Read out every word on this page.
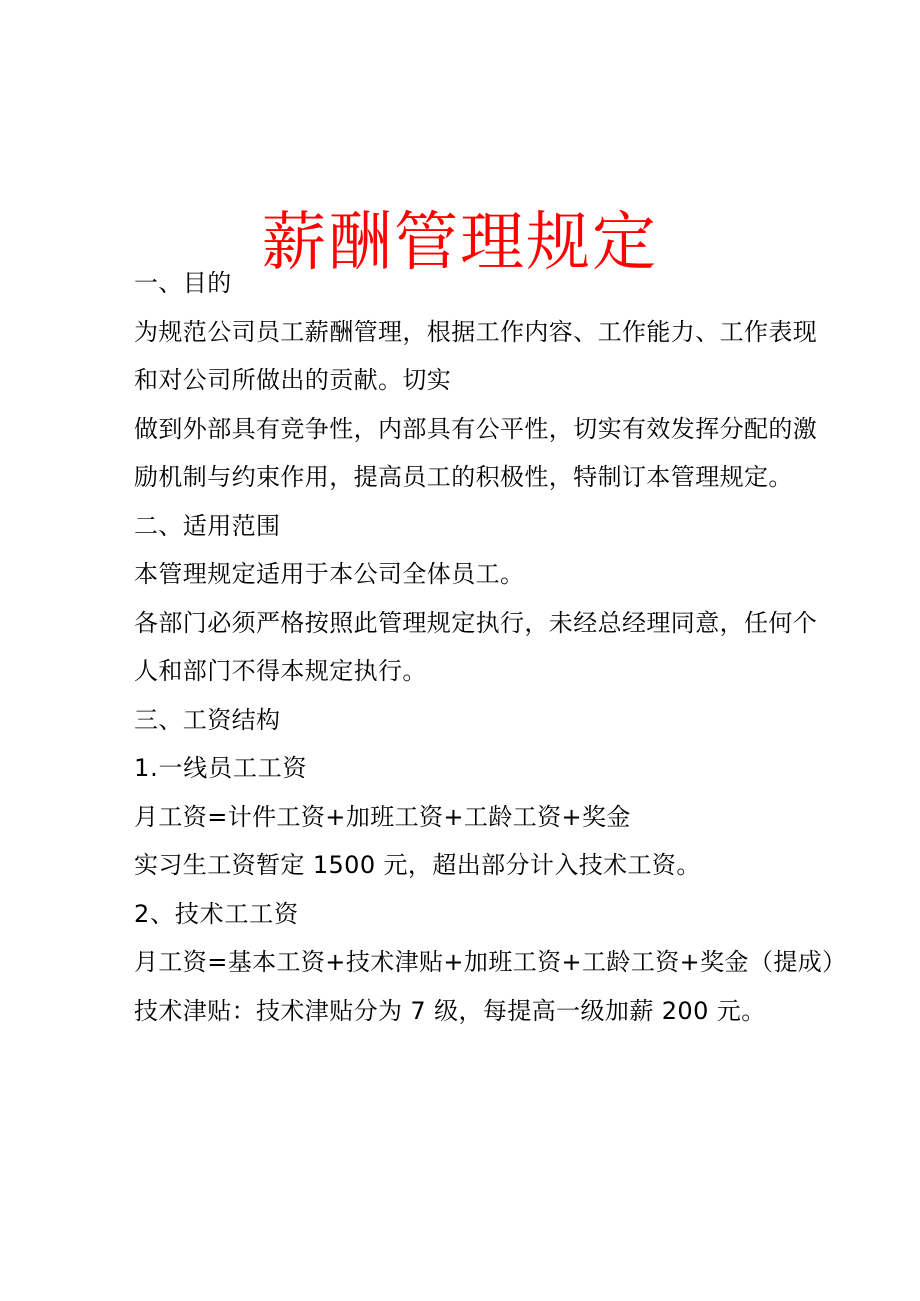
薪酬管理规定
一、目的
为规范公司员工薪酬管理，根据工作内容、工作能力、工作表现
和对公司所做出的贡献。切实
做到外部具有竞争性，内部具有公平性，切实有效发挥分配的激
励机制与约束作用，提高员工的积极性，特制订本管理规定。
二、适用范围
本管理规定适用于本公司全体员工。
各部门必须严格按照此管理规定执行，未经总经理同意，任何个
人和部门不得本规定执行。
三、工资结构
1.一线员工工资
月工资=计件工资+加班工资+工龄工资+奖金
实习生工资暂定 1500 元，超出部分计入技术工资。
2、技术工工资
月工资=基本工资+技术津贴+加班工资+工龄工资+奖金（提成）
技术津贴：技术津贴分为 7 级，每提高一级加薪 200 元。
